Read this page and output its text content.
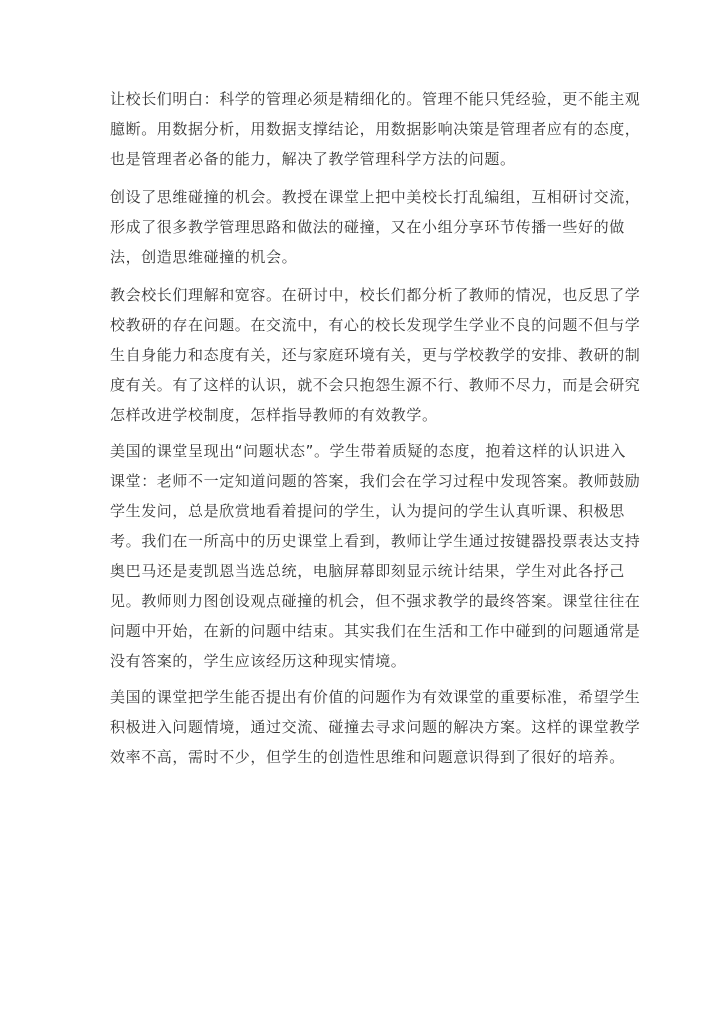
让校长们明白：科学的管理必须是精细化的。管理不能只凭经验，更不能主观
臆断。用数据分析，用数据支撑结论，用数据影响决策是管理者应有的态度，
也是管理者必备的能力，解决了教学管理科学方法的问题。
创设了思维碰撞的机会。教授在课堂上把中美校长打乱编组，互相研讨交流，
形成了很多教学管理思路和做法的碰撞，又在小组分享环节传播一些好的做
法，创造思维碰撞的机会。
教会校长们理解和宽容。在研讨中，校长们都分析了教师的情况，也反思了学
校教研的存在问题。在交流中，有心的校长发现学生学业不良的问题不但与学
生自身能力和态度有关，还与家庭环境有关，更与学校教学的安排、教研的制
度有关。有了这样的认识，就不会只抱怨生源不行、教师不尽力，而是会研究
怎样改进学校制度，怎样指导教师的有效教学。
美国的课堂呈现出“问题状态”。学生带着质疑的态度，抱着这样的认识进入
课堂：老师不一定知道问题的答案，我们会在学习过程中发现答案。教师鼓励
学生发问，总是欣赏地看着提问的学生，认为提问的学生认真听课、积极思
考。我们在一所高中的历史课堂上看到，教师让学生通过按键器投票表达支持
奥巴马还是麦凯恩当选总统，电脑屏幕即刻显示统计结果，学生对此各抒己
见。教师则力图创设观点碰撞的机会，但不强求教学的最终答案。课堂往往在
问题中开始，在新的问题中结束。其实我们在生活和工作中碰到的问题通常是
没有答案的，学生应该经历这种现实情境。
美国的课堂把学生能否提出有价值的问题作为有效课堂的重要标准，希望学生
积极进入问题情境，通过交流、碰撞去寻求问题的解决方案。这样的课堂教学
效率不高，需时不少，但学生的创造性思维和问题意识得到了很好的培养。
